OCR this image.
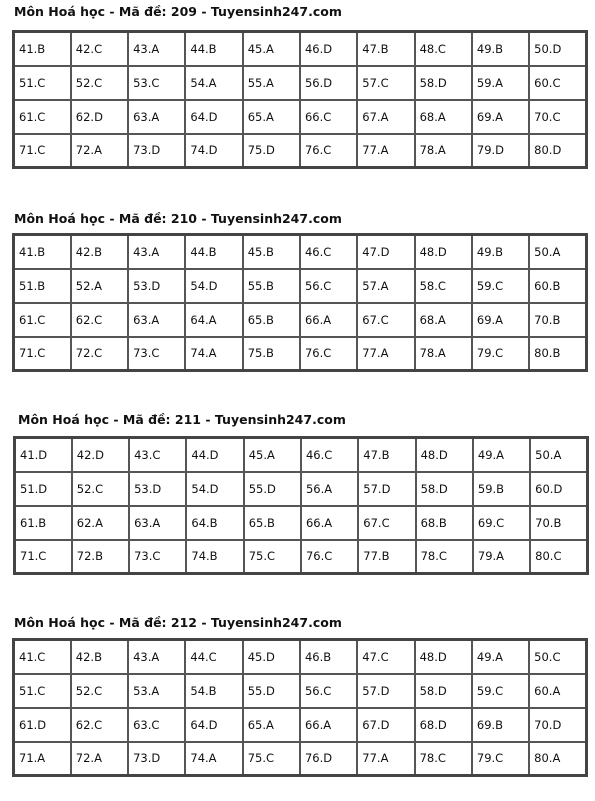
Môn Hoá học - Mã đề: 209 - Tuyensinh247.com
41.B	42.C	43.A	44.B	45.A	46.D	47.B	48.C	49.B	50.D
51.C	52.C	53.C	54.A	55.A	56.D	57.C	58.D	59.A	60.C
61.C	62.D	63.A	64.D	65.A	66.C	67.A	68.A	69.A	70.C
71.C	72.A	73.D	74.D	75.D	76.C	77.A	78.A	79.D	80.D
Môn Hoá học - Mã đề: 210 - Tuyensinh247.com
41.B	42.B	43.A	44.B	45.B	46.C	47.D	48.D	49.B	50.A
51.B	52.A	53.D	54.D	55.B	56.C	57.A	58.C	59.C	60.B
61.C	62.C	63.A	64.A	65.B	66.A	67.C	68.A	69.A	70.B
71.C	72.C	73.C	74.A	75.B	76.C	77.A	78.A	79.C	80.B
Môn Hoá học - Mã đề: 211 - Tuyensinh247.com
41.D	42.D	43.C	44.D	45.A	46.C	47.B	48.D	49.A	50.A
51.D	52.C	53.D	54.D	55.D	56.A	57.D	58.D	59.B	60.D
61.B	62.A	63.A	64.B	65.B	66.A	67.C	68.B	69.C	70.B
71.C	72.B	73.C	74.B	75.C	76.C	77.B	78.C	79.A	80.C
Môn Hoá học - Mã đề: 212 - Tuyensinh247.com
41.C	42.B	43.A	44.C	45.D	46.B	47.C	48.D	49.A	50.C
51.C	52.C	53.A	54.B	55.D	56.C	57.D	58.D	59.C	60.A
61.D	62.C	63.C	64.D	65.A	66.A	67.D	68.D	69.B	70.D
71.A	72.A	73.D	74.A	75.C	76.D	77.A	78.C	79.C	80.A
